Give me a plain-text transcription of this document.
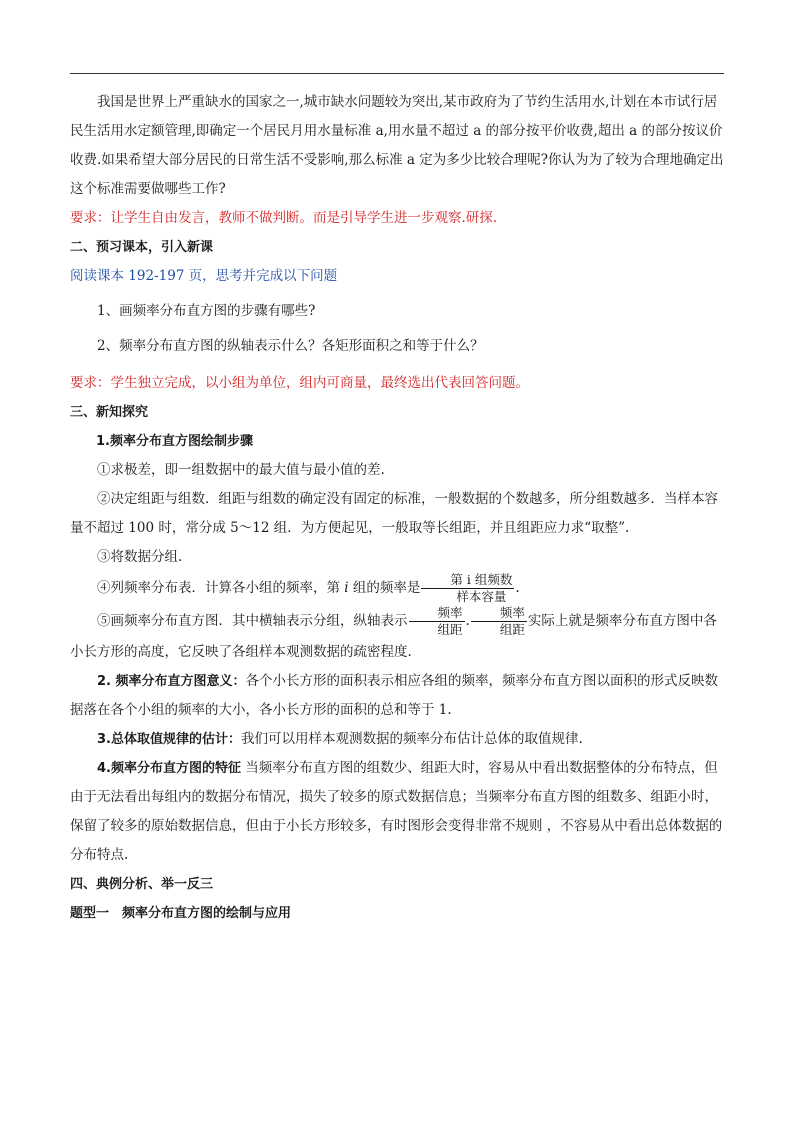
我国是世界上严重缺水的国家之一,城市缺水问题较为突出,某市政府为了节约生活用水,计划在本市试行居民生活用水定额管理,即确定一个居民月用水量标准 a,用水量不超过 a 的部分按平价收费,超出 a 的部分按议价收费.如果希望大部分居民的日常生活不受影响,那么标准 a 定为多少比较合理呢?你认为为了较为合理地确定出这个标准需要做哪些工作?

要求：让学生自由发言，教师不做判断。而是引导学生进一步观察.研探.

二、预习课本，引入新课

阅读课本 192-197 页，思考并完成以下问题

1、画频率分布直方图的步骤有哪些?

2、频率分布直方图的纵轴表示什么？各矩形面积之和等于什么？

要求：学生独立完成，以小组为单位，组内可商量，最终选出代表回答问题。

三、新知探究

1.频率分布直方图绘制步骤

①求极差，即一组数据中的最大值与最小值的差.

②决定组距与组数．组距与组数的确定没有固定的标准，一般数据的个数越多，所分组数越多．当样本容量不超过 100 时，常分成 5～12 组．为方便起见，一般取等长组距，并且组距应力求“取整”.

③将数据分组.

④列频率分布表．计算各小组的频率，第 i 组的频率是 $\frac{\text{第 i 组频数}}{\text{样本容量}}$ .

⑤画频率分布直方图．其中横轴表示分组，纵轴表示 $\frac{\text{频率}}{\text{组距}}$ . $\frac{\text{频率}}{\text{组距}}$ 实际上就是频率分布直方图中各小长方形的高度，它反映了各组样本观测数据的疏密程度.

2. 频率分布直方图意义：各个小长方形的面积表示相应各组的频率，频率分布直方图以面积的形式反映数据落在各个小组的频率的大小，各小长方形的面积的总和等于 1.

3.总体取值规律的估计：我们可以用样本观测数据的频率分布估计总体的取值规律.

4.频率分布直方图的特征 当频率分布直方图的组数少、组距大时，容易从中看出数据整体的分布特点，但由于无法看出每组内的数据分布情况，损失了较多的原式数据信息；当频率分布直方图的组数多、组距小时，保留了较多的原始数据信息，但由于小长方形较多，有时图形会变得非常不规则 ，不容易从中看出总体数据的分布特点.

四、典例分析、举一反三

题型一　频率分布直方图的绘制与应用
